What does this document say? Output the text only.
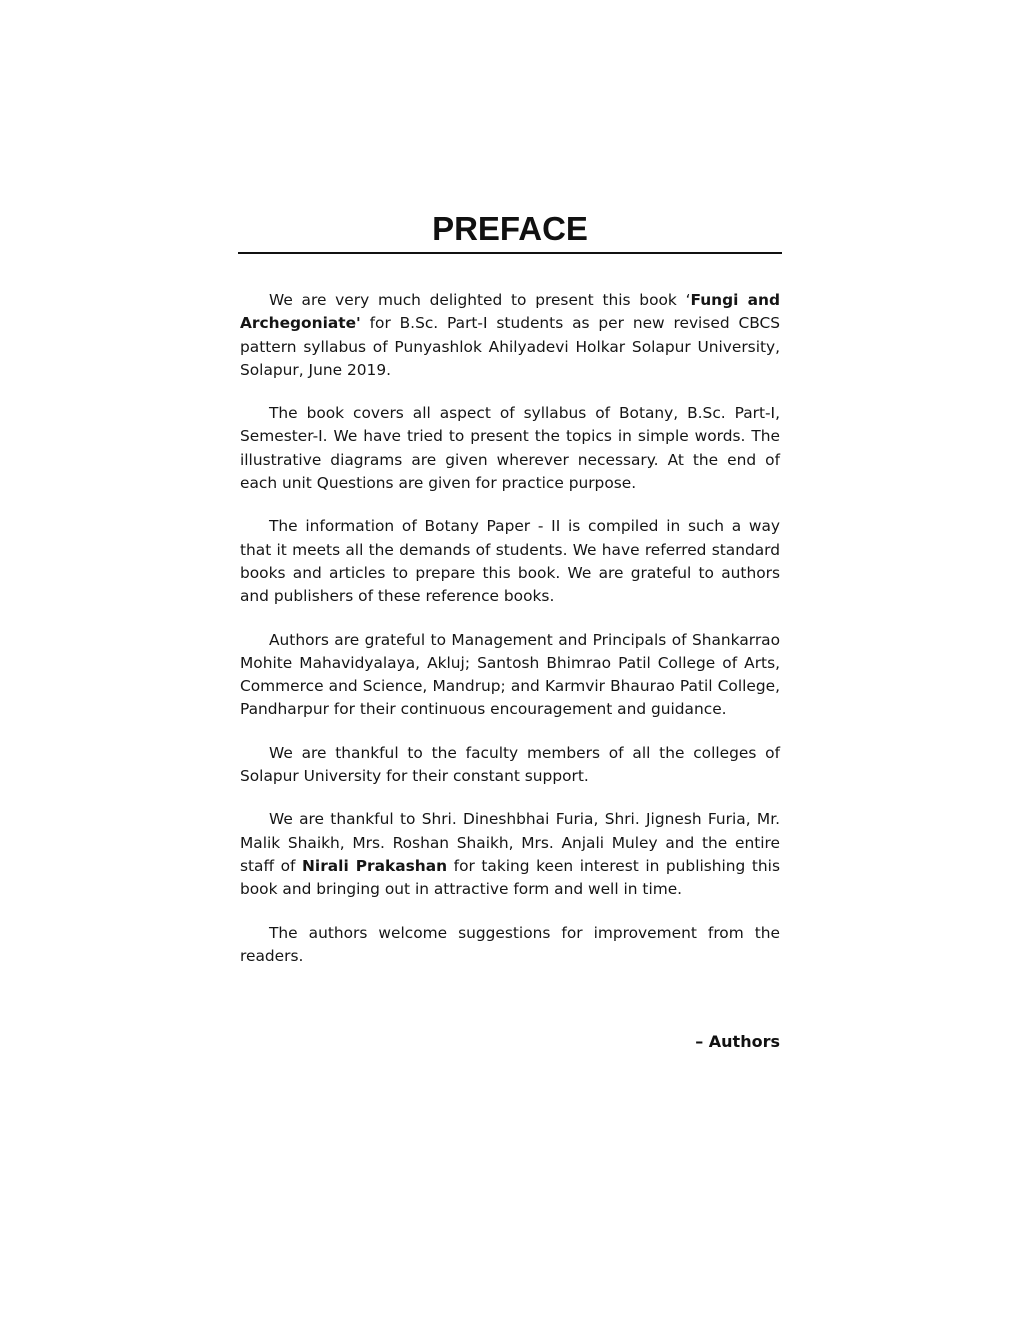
PREFACE

We are very much delighted to present this book ‘Fungi and Archegoniate' for B.Sc. Part-I students as per new revised CBCS pattern syllabus of Punyashlok Ahilyadevi Holkar Solapur University, Solapur, June 2019.

The book covers all aspect of syllabus of Botany, B.Sc. Part-I, Semester-I. We have tried to present the topics in simple words. The illustrative diagrams are given wherever necessary. At the end of each unit Questions are given for practice purpose.

The information of Botany Paper - II is compiled in such a way that it meets all the demands of students. We have referred standard books and articles to prepare this book. We are grateful to authors and publishers of these reference books.

Authors are grateful to Management and Principals of Shankarrao Mohite Mahavidyalaya, Akluj; Santosh Bhimrao Patil College of Arts, Commerce and Science, Mandrup; and Karmvir Bhaurao Patil College, Pandharpur for their continuous encouragement and guidance.

We are thankful to the faculty members of all the colleges of Solapur University for their constant support.

We are thankful to Shri. Dineshbhai Furia, Shri. Jignesh Furia, Mr. Malik Shaikh, Mrs. Roshan Shaikh, Mrs. Anjali Muley and the entire staff of Nirali Prakashan for taking keen interest in publishing this book and bringing out in attractive form and well in time.

The authors welcome suggestions for improvement from the readers.

– Authors
